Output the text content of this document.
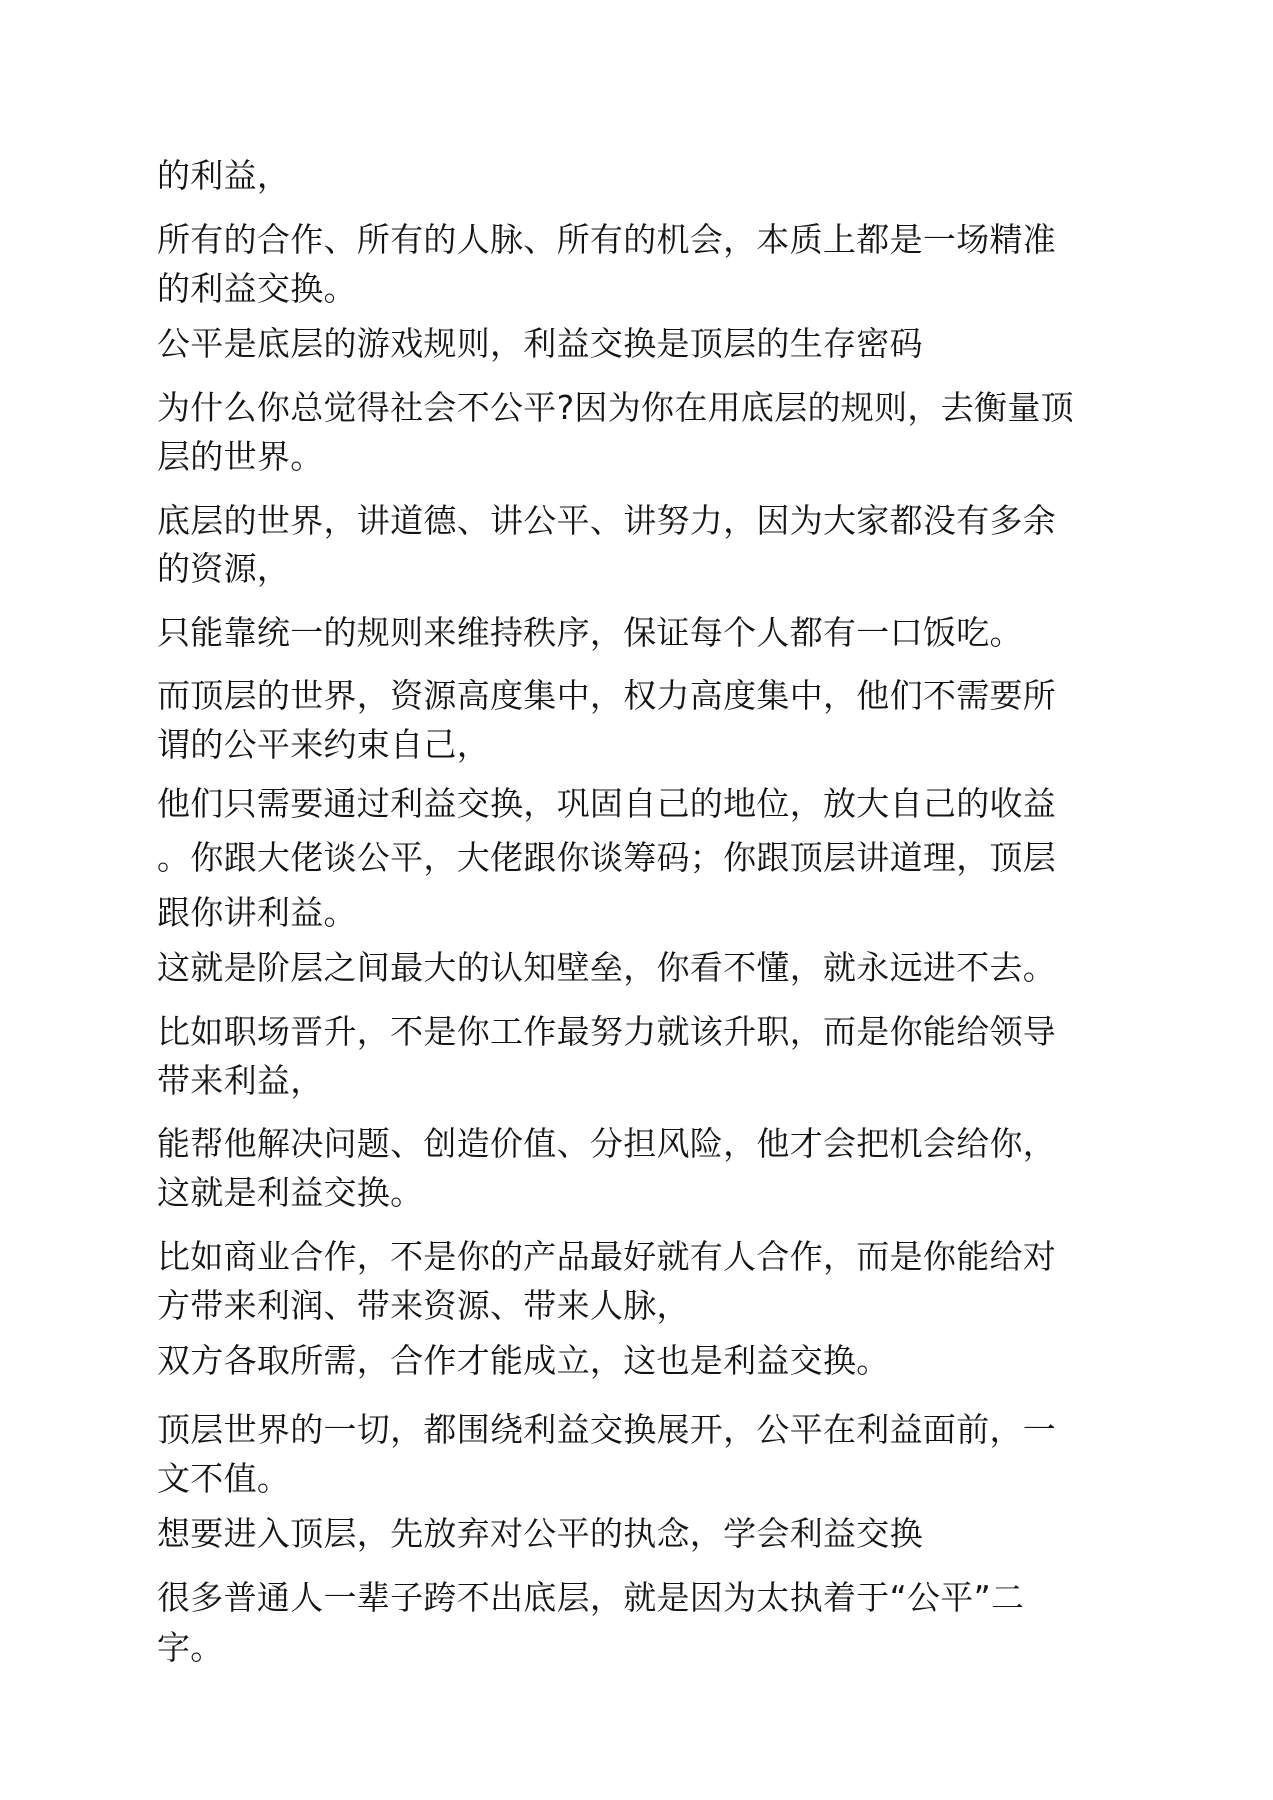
的利益，
所有的合作、所有的人脉、所有的机会，本质上都是一场精准
的利益交换。
公平是底层的游戏规则，利益交换是顶层的生存密码
为什么你总觉得社会不公平?因为你在用底层的规则，去衡量顶
层的世界。
底层的世界，讲道德、讲公平、讲努力，因为大家都没有多余
的资源，
只能靠统一的规则来维持秩序，保证每个人都有一口饭吃。
而顶层的世界，资源高度集中，权力高度集中，他们不需要所
谓的公平来约束自己，
他们只需要通过利益交换，巩固自己的地位，放大自己的收益
。你跟大佬谈公平，大佬跟你谈筹码；你跟顶层讲道理，顶层
跟你讲利益。
这就是阶层之间最大的认知壁垒，你看不懂，就永远进不去。
比如职场晋升，不是你工作最努力就该升职，而是你能给领导
带来利益，
能帮他解决问题、创造价值、分担风险，他才会把机会给你，
这就是利益交换。
比如商业合作，不是你的产品最好就有人合作，而是你能给对
方带来利润、带来资源、带来人脉，
双方各取所需，合作才能成立，这也是利益交换。
顶层世界的一切，都围绕利益交换展开，公平在利益面前，一
文不值。
想要进入顶层，先放弃对公平的执念，学会利益交换
很多普通人一辈子跨不出底层，就是因为太执着于“公平”二
字。
